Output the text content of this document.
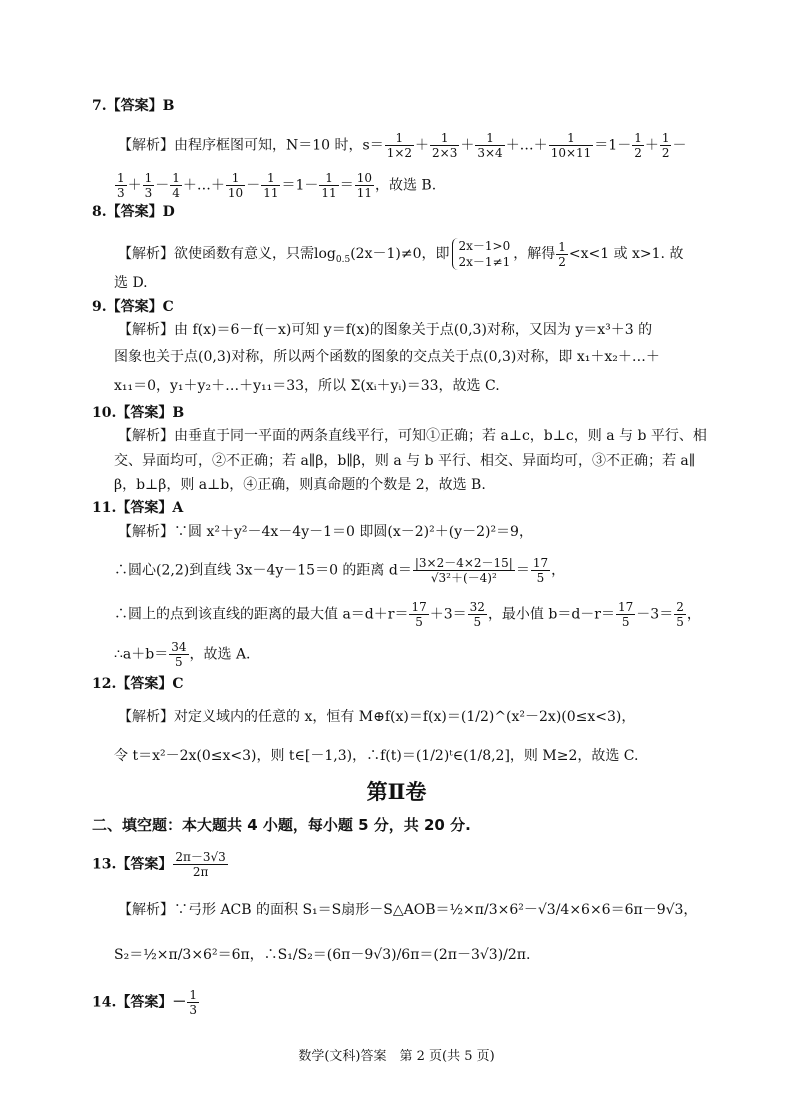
7.【答案】B
【解析】由程序框图可知，N＝10 时，$s= \frac{1}{1\times 2} + \frac{1}{2\times 3} + \frac{1}{3\times 4}$ ＋…＋ $\frac{1}{10\times 11} =1- \frac{1}{2} + \frac{1}{2}$ －
$\frac{1}{3} + \frac{1}{3} - \frac{1}{4}$ ＋…＋ $\frac{1}{10} - \frac{1}{11} =1- \frac{1}{11} = \frac{10}{11}$ ，故选 B.
8.【答案】D
【解析】欲使函数有意义，只需$\log_{0.5}(2x-1)\ne 0$，即 2x－1>0
2x－1≠1 ，解得 $\frac{1}{2} <x<1$ 或 x>1. 故
选 D.
9.【答案】C
【解析】由 f(x)＝6－f(－x)可知 y＝f(x)的图象关于点(0,3)对称，又因为 y＝x³＋3 的
图象也关于点(0,3)对称，所以两个函数的图象的交点关于点(0,3)对称，即 x₁＋x₂＋…＋
x₁₁＝0，y₁＋y₂＋…＋y₁₁＝33，所以 Σ(xᵢ＋yᵢ)＝33，故选 C.
10.【答案】B
【解析】由垂直于同一平面的两条直线平行，可知①正确；若 a⊥c，b⊥c，则 a 与 b 平行、相
交、异面均可，②不正确；若 a∥β，b∥β，则 a 与 b 平行、相交、异面均可，③不正确；若 a∥
β，b⊥β，则 a⊥b，④正确，则真命题的个数是 2，故选 B.
11.【答案】A
【解析】∵圆 x²＋y²－4x－4y－1＝0 即圆(x－2)²＋(y－2)²＝9，
∴圆心(2,2)到直线 3x－4y－15＝0 的距离 $d= \frac{|3\times 2-4\times 2-15|}{\text{√3²＋(－4)²}} = \frac{17}{5}$ ，
∴圆上的点到该直线的距离的最大值 $a=d+r= \frac{17}{5} +3= \frac{32}{5}$ ，最小值 $b=d-r= \frac{17}{5} -3= \frac{2}{5}$ ，
∴a＋b＝ $\frac{34}{5}$ ，故选 A.
12.【答案】C
【解析】对定义域内的任意的 x，恒有 M⊕f(x)＝f(x)＝(1/2)^(x²－2x)(0≤x<3)，
令 t＝x²－2x(0≤x<3)，则 t∈[－1,3)，∴f(t)＝(1/2)ᵗ∈(1/8,2]，则 M≥2，故选 C.
第Ⅱ卷
二、填空题：本大题共 4 小题，每小题 5 分，共 20 分.
13.【答案】 $\frac{2\pi-3√3}{2\pi}$
【解析】∵弓形 ACB 的面积 S₁＝S扇形－S△AOB＝½×π/3×6²－√3/4×6×6＝6π－9√3，
S₂＝½×π/3×6²＝6π，∴S₁/S₂＝(6π－9√3)/6π＝(2π－3√3)/2π.
14.【答案】－ $\frac{1}{3}$
数学(文科)答案　第 2 页(共 5 页)
